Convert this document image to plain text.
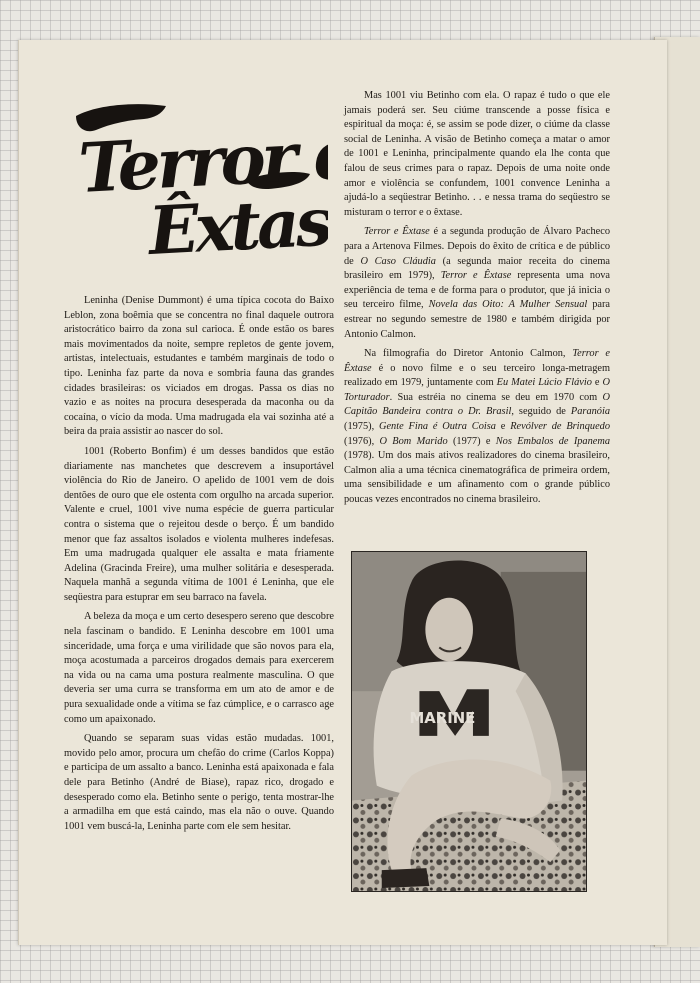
Terror e
Êxtase

Leninha (Denise Dummont) é uma típica cocota do Baixo Leblon, zona boêmia que se concentra no final daquele outrora aristocrático bairro da zona sul carioca. É onde estão os bares mais movimentados da noite, sempre repletos de gente jovem, artistas, intelectuais, estudantes e também marginais de todo o tipo. Leninha faz parte da nova e sombria fauna das grandes cidades brasileiras: os viciados em drogas. Passa os dias no vazio e as noites na procura desesperada da maconha ou da cocaína, o vício da moda. Uma madrugada ela vai sozinha até a beira da praia assistir ao nascer do sol.

1001 (Roberto Bonfim) é um desses bandidos que estão diariamente nas manchetes que descrevem a insuportável violência do Rio de Janeiro. O apelido de 1001 vem de dois dentões de ouro que ele ostenta com orgulho na arcada superior. Valente e cruel, 1001 vive numa espécie de guerra particular contra o sistema que o rejeitou desde o berço. É um bandido menor que faz assaltos isolados e violenta mulheres indefesas. Em uma madrugada qualquer ele assalta e mata friamente Adelina (Gracinda Freire), uma mulher solitária e desesperada. Naquela manhã a segunda vítima de 1001 é Leninha, que ele seqüestra para estuprar em seu barraco na favela.

A beleza da moça e um certo desespero sereno que descobre nela fascinam o bandido. E Leninha descobre em 1001 uma sinceridade, uma força e uma virilidade que são novos para ela, moça acostumada a parceiros drogados demais para exercerem na vida ou na cama uma postura realmente masculina. O que deveria ser uma curra se transforma em um ato de amor e de pura sexualidade onde a vítima se faz cúmplice, e o carrasco age como um apaixonado.

Quando se separam suas vidas estão mudadas. 1001, movido pelo amor, procura um chefão do crime (Carlos Koppa) e participa de um assalto a banco. Leninha está apaixonada e fala dele para Betinho (André de Biase), rapaz rico, drogado e desesperado como ela. Betinho sente o perigo, tenta mostrar-lhe a armadilha em que está caindo, mas ela não o ouve. Quando 1001 vem buscá-la, Leninha parte com ele sem hesitar.

Mas 1001 viu Betinho com ela. O rapaz é tudo o que ele jamais poderá ser. Seu ciúme transcende a posse física e espiritual da moça: é, se assim se pode dizer, o ciúme da classe social de Leninha. A visão de Betinho começa a matar o amor de 1001 e Leninha, principalmente quando ela lhe conta que falou de seus crimes para o rapaz. Depois de uma noite onde amor e violência se confundem, 1001 convence Leninha a ajudá-lo a seqüestrar Betinho. . . e nessa trama do seqüestro se misturam o terror e o êxtase.

Terror e Êxtase é a segunda produção de Álvaro Pacheco para a Artenova Filmes. Depois do êxito de crítica e de público de O Caso Cláudia (a segunda maior receita do cinema brasileiro em 1979), Terror e Êxtase representa uma nova experiência de tema e de forma para o produtor, que já inicia o seu terceiro filme, Novela das Oito: A Mulher Sensual para estrear no segundo semestre de 1980 e também dirigida por Antonio Calmon.

Na filmografia do Diretor Antonio Calmon, Terror e Êxtase é o novo filme e o seu terceiro longa-metragem realizado em 1979, juntamente com Eu Matei Lúcio Flávio e O Torturador. Sua estréia no cinema se deu em 1970 com O Capitão Bandeira contra o Dr. Brasil, seguido de Paranóia (1975), Gente Fina é Outra Coisa e Revólver de Brinquedo (1976), O Bom Marido (1977) e Nos Embalos de Ipanema (1978). Um dos mais ativos realizadores do cinema brasileiro, Calmon alia a uma técnica cinematográfica de primeira ordem, uma sensibilidade e um afinamento com o grande público poucas vezes encontrados no cinema brasileiro.

MARINE
